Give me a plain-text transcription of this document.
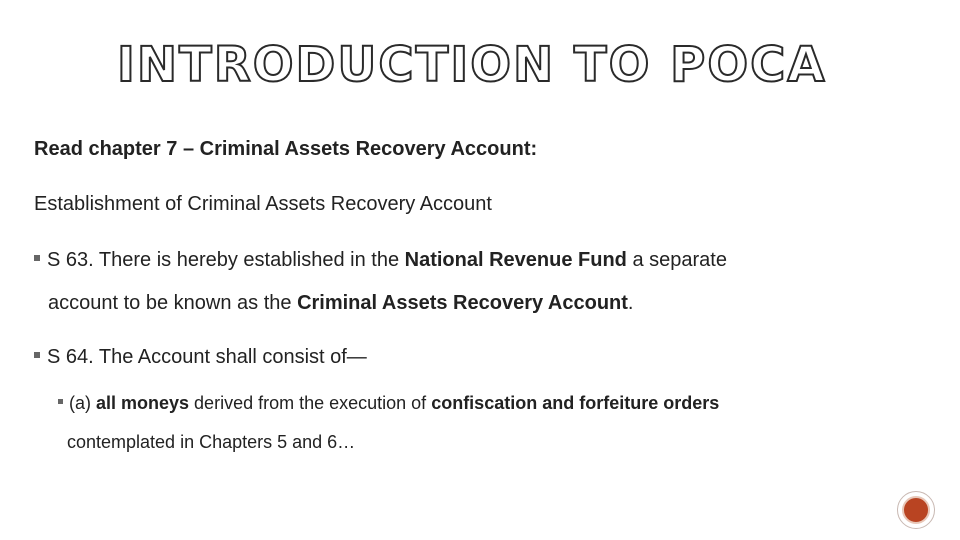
INTRODUCTION TO POCA
Read chapter 7 – Criminal Assets Recovery Account:
Establishment of Criminal Assets Recovery Account
S 63. There is hereby established in the National Revenue Fund a separate
account to be known as the Criminal Assets Recovery Account.
S 64. The Account shall consist of—
(a) all moneys derived from the execution of confiscation and forfeiture orders
contemplated in Chapters 5 and 6…
